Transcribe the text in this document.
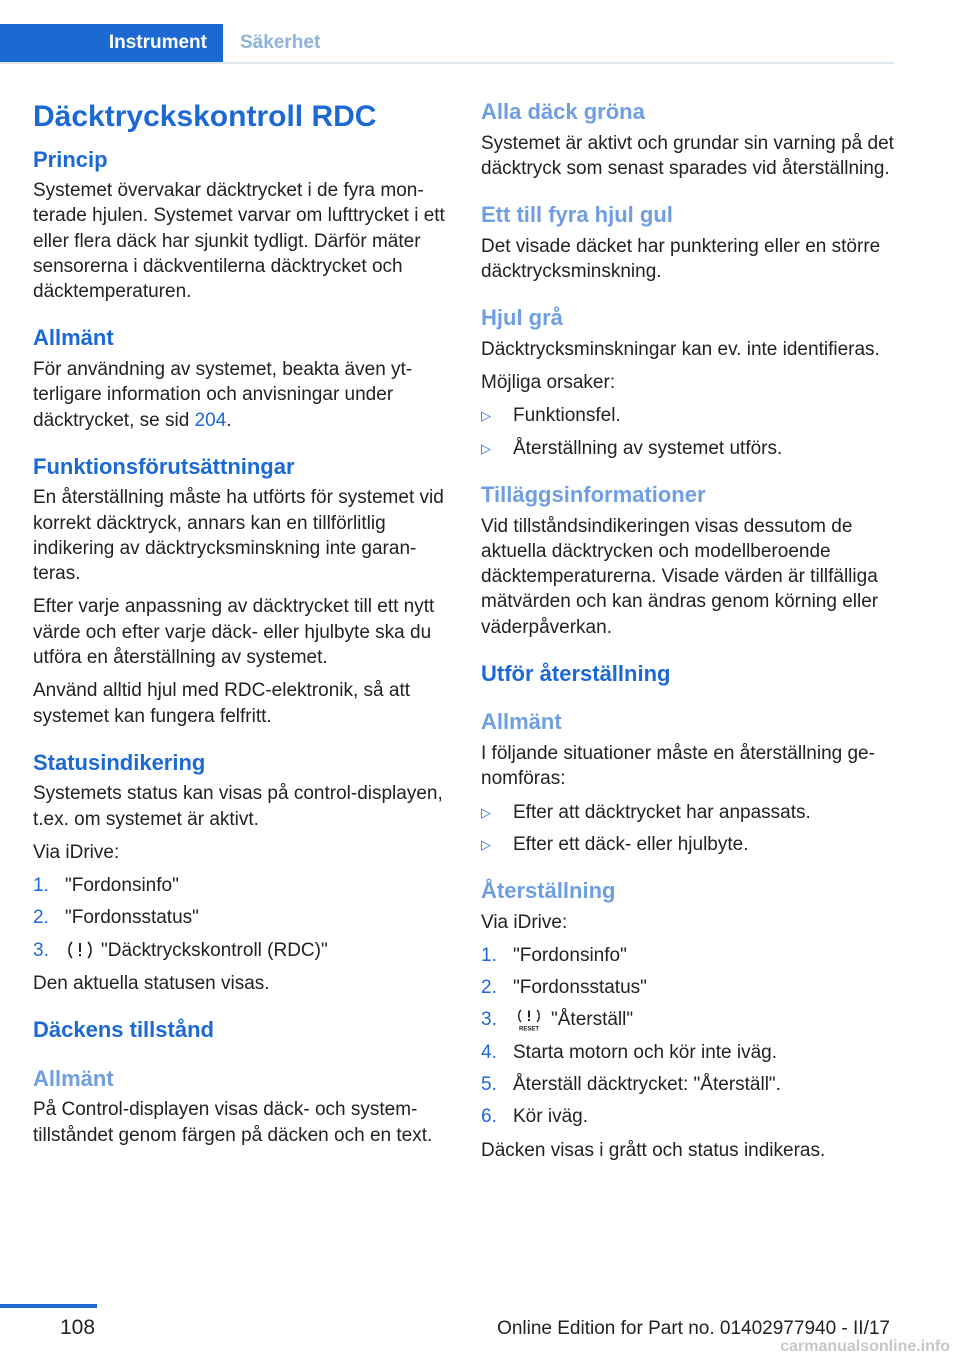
Instrument	Säkerhet
Däcktryckskontroll RDC
Princip

Systemet övervakar däcktrycket i de fyra monterade hjulen. Systemet varvar om lufttrycket i ett eller flera däck har sjunkit tydligt. Därför mäter sensorerna i däckventilerna däcktrycket och däcktemperaturen.

Allmänt

För användning av systemet, beakta även ytterligare information och anvisningar under däcktrycket, se sid 204.

Funktionsförutsättningar

En återställning måste ha utförts för systemet vid korrekt däcktryck, annars kan en tillförlitlig indikering av däcktrycksminskning inte garanteras.

Efter varje anpassning av däcktrycket till ett nytt värde och efter varje däck- eller hjulbyte ska du utföra en återställning av systemet.

Använd alltid hjul med RDC-elektronik, så att systemet kan fungera felfritt.

Statusindikering

Systemets status kan visas på control-displayen, t.ex. om systemet är aktivt.

Via iDrive:

1. "Fordonsinfo"
2. "Fordonsstatus"
3.	"Däcktryckskontroll (RDC)"

Den aktuella statusen visas.

Däckens tillstånd
Allmänt

På Control-displayen visas däck- och systemtillståndet genom färgen på däcken och en text.

Alla däck gröna

Systemet är aktivt och grundar sin varning på det däcktryck som senast sparades vid återställning.

Ett till fyra hjul gul

Det visade däcket har punktering eller en större däcktrycksminskning.

Hjul grå

Däcktrycksminskningar kan ev. inte identifieras.

Möjliga orsaker:

▷	Funktionsfel.
▷	Återställning av systemet utförs.
Tilläggsinformationer

Vid tillståndsindikeringen visas dessutom de aktuella däcktrycken och modellberoende däcktemperaturerna. Visade värden är tillfälliga mätvärden och kan ändras genom körning eller väderpåverkan.

Utför återställning
Allmänt

I följande situationer måste en återställning genomföras:

▷	Efter att däcktrycket har anpassats.
▷	Efter ett däck- eller hjulbyte.
Återställning

Via iDrive:

1. "Fordonsinfo"
2. "Fordonsstatus"
3.	RESET "Återställ"
4. Starta motorn och kör inte iväg.
5. Återställ däcktrycket: "Återställ".
6. Kör iväg.

Däcken visas i grått och status indikeras.

108	Online Edition for Part no. 01402977940 - II/17
carmanualsonline.info
